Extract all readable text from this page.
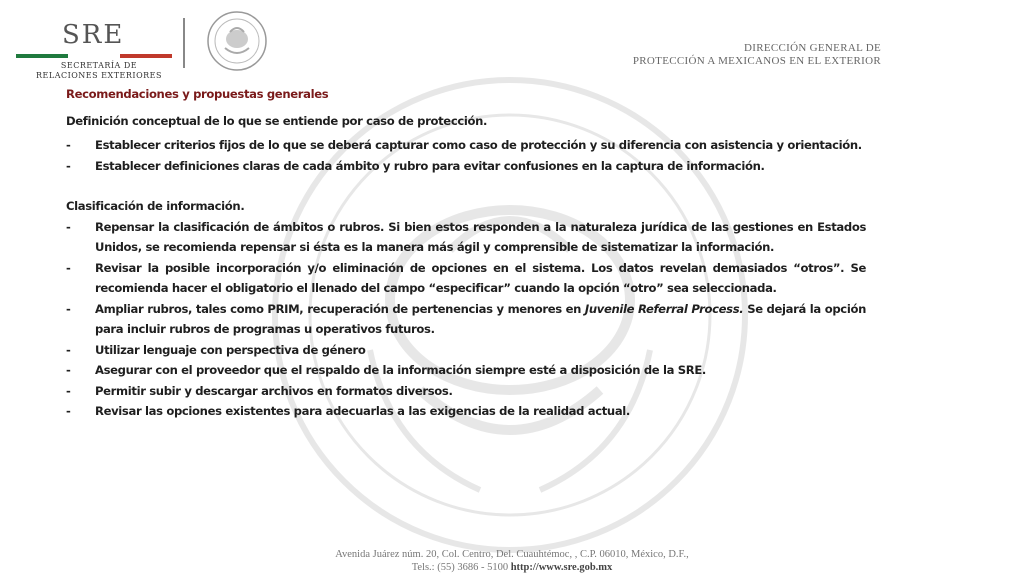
SRE
SECRETARÍA DE
RELACIONES EXTERIORES
DIRECCIÓN GENERAL DE
PROTECCIÓN A MEXICANOS EN EL EXTERIOR
Recomendaciones y propuestas generales
Definición conceptual de lo que se entiende por caso de protección.
-	Establecer criterios fijos de lo que se deberá capturar como caso de protección y su diferencia con asistencia y orientación.
-	Establecer definiciones claras de cada ámbito y rubro para evitar confusiones en la captura de información.
Clasificación de información.
-	Repensar la clasificación de ámbitos o rubros. Si bien estos responden a la naturaleza jurídica de las gestiones en Estados Unidos, se recomienda repensar si ésta es la manera más ágil y comprensible de sistematizar la información.
-	Revisar la posible incorporación y/o eliminación de opciones en el sistema. Los datos revelan demasiados “otros”. Se recomienda hacer el obligatorio el llenado del campo “especificar” cuando la opción “otro” sea seleccionada.
-	Ampliar rubros, tales como PRIM, recuperación de pertenencias y menores en Juvenile Referral Process. Se dejará la opción para incluir rubros de programas u operativos futuros.
-	Utilizar lenguaje con perspectiva de género
-	Asegurar con el proveedor que el respaldo de la información siempre esté a disposición de la SRE.
-	Permitir subir y descargar archivos en formatos diversos.
-	Revisar las opciones existentes para adecuarlas a las exigencias de la realidad actual.
Avenida Juárez núm. 20, Col. Centro, Del. Cuauhtémoc, , C.P. 06010, México, D.F.,
Tels.: (55) 3686 - 5100 http://www.sre.gob.mx
